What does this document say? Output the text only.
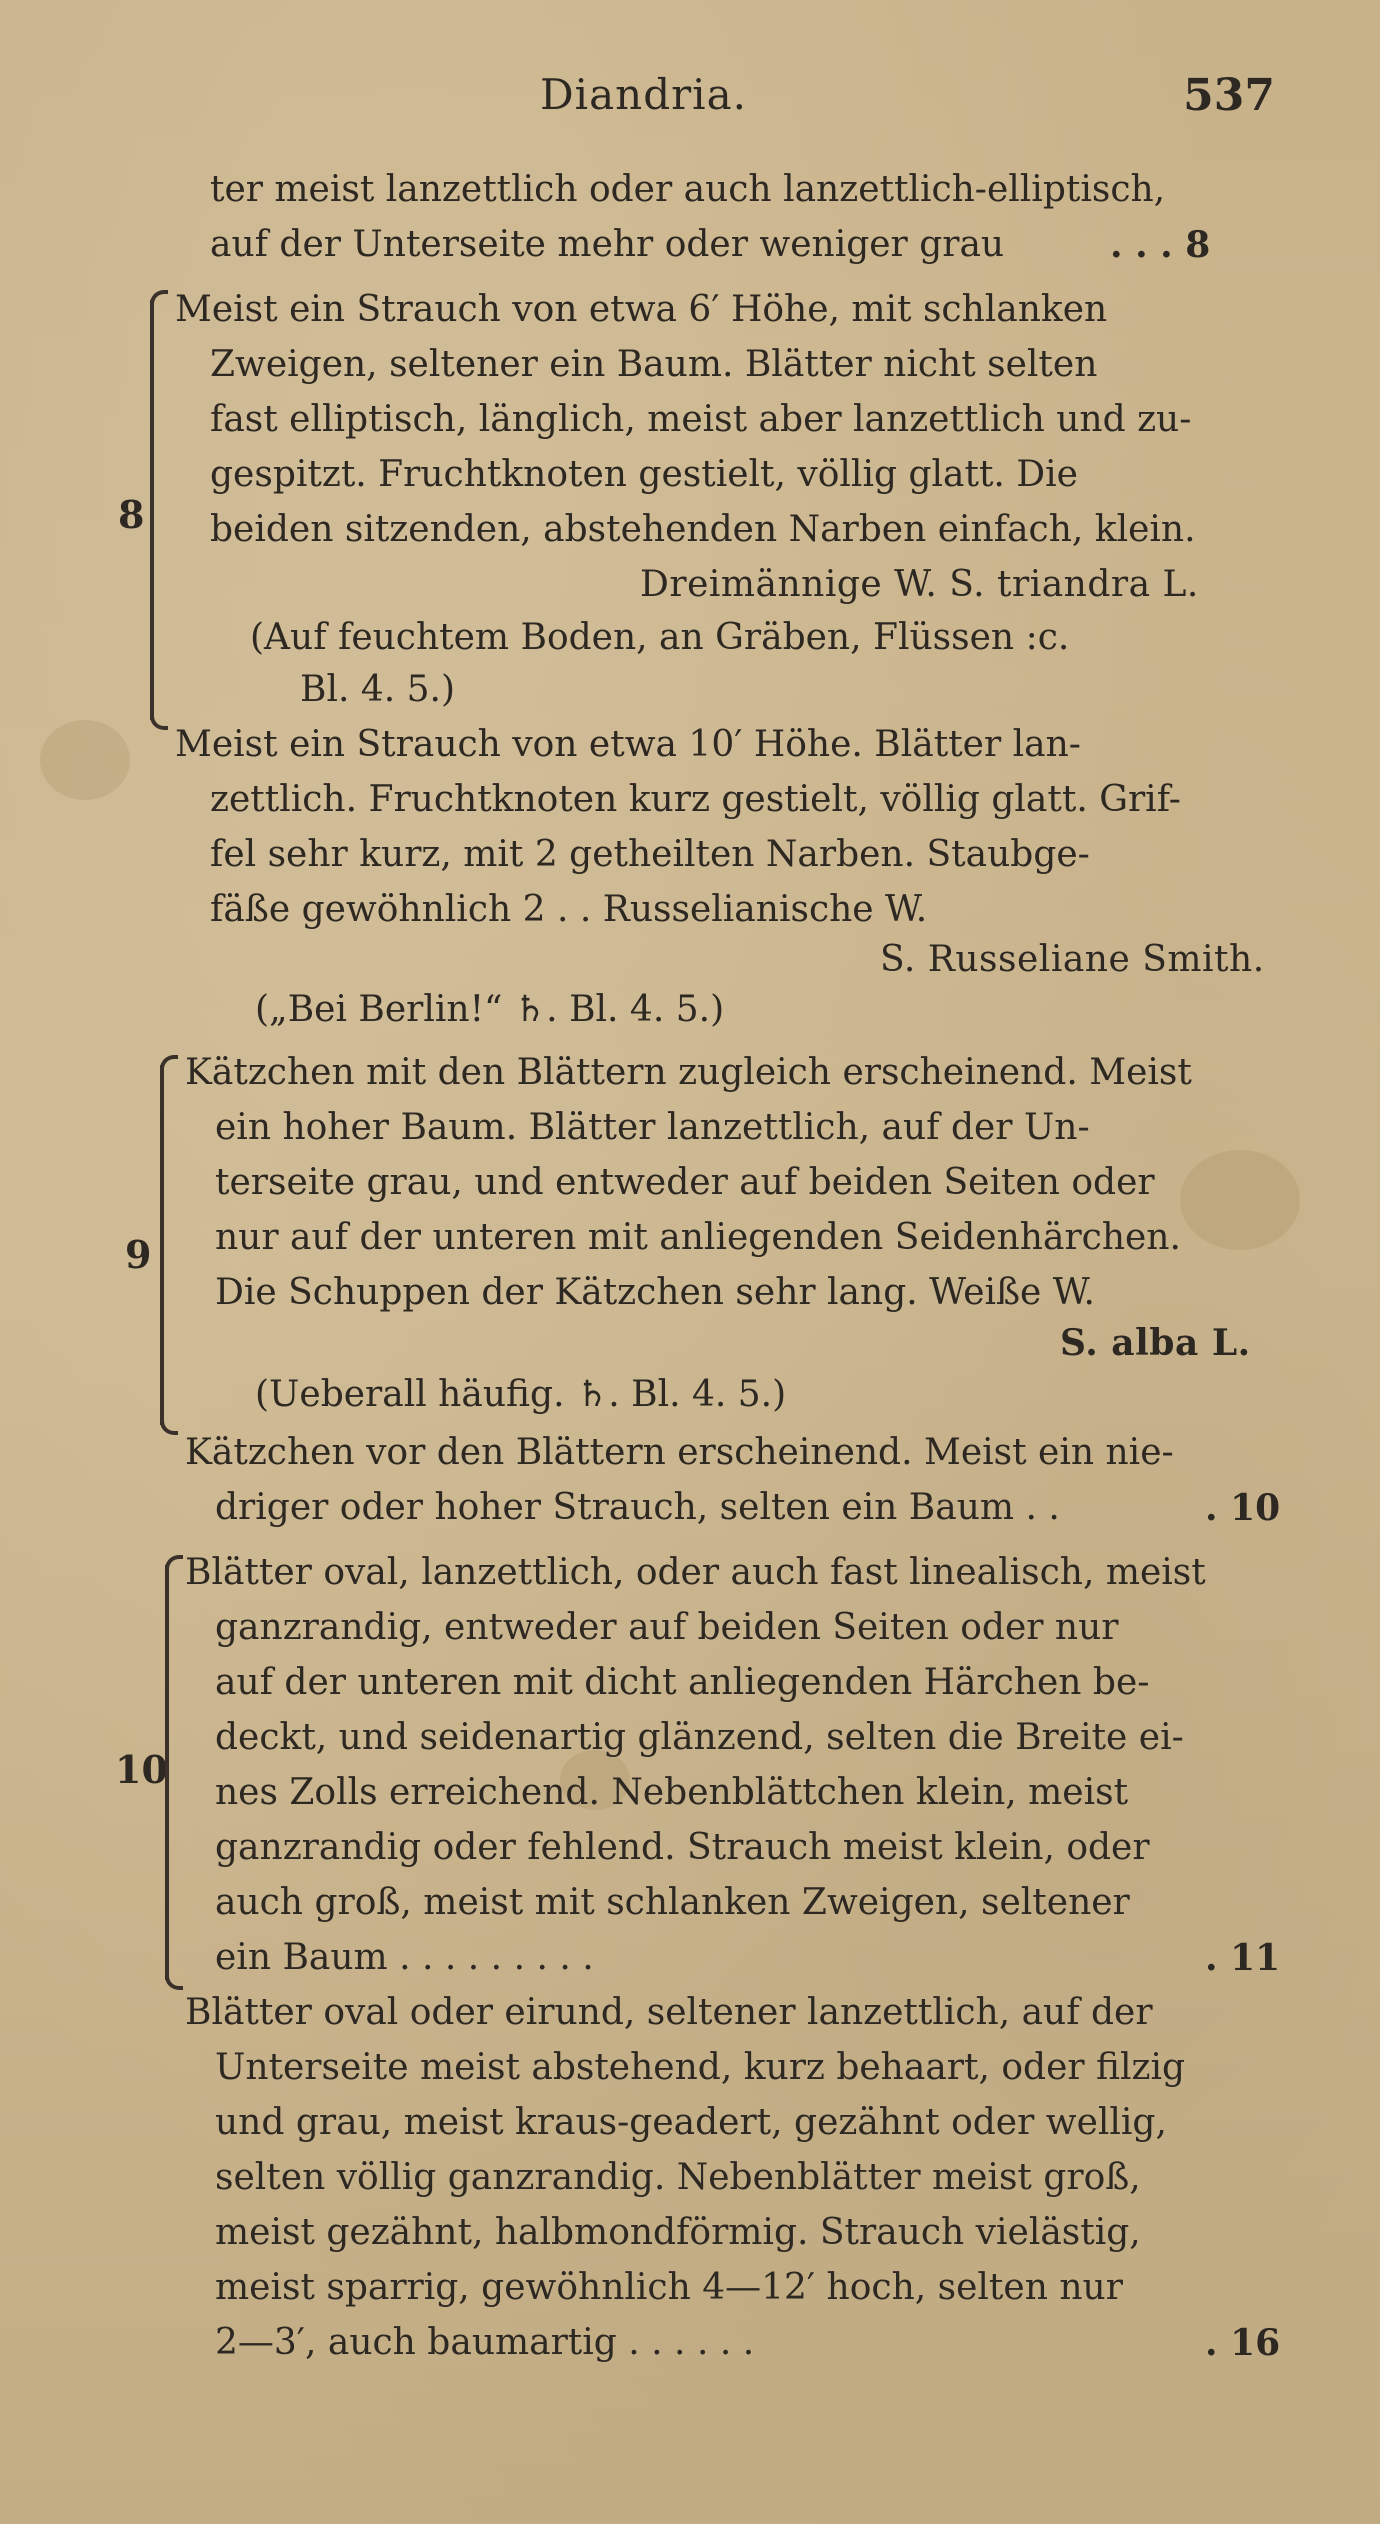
Diandria.	537
ter meist lanzettlich oder auch lanzettlich-elliptisch,
auf der Unterseite mehr oder weniger grau	. . . 8
8
Meist ein Strauch von etwa 6′ Höhe, mit schlanken
Zweigen, seltener ein Baum. Blätter nicht selten
fast elliptisch, länglich, meist aber lanzettlich und zu-
gespitzt. Fruchtknoten gestielt, völlig glatt. Die
beiden sitzenden, abstehenden Narben einfach, klein.
Dreimännige W. S. triandra L.
(Auf feuchtem Boden, an Gräben, Flüssen :c.
Bl. 4. 5.)
Meist ein Strauch von etwa 10′ Höhe. Blätter lan-
zettlich. Fruchtknoten kurz gestielt, völlig glatt. Grif-
fel sehr kurz, mit 2 getheilten Narben. Staubge-
fäße gewöhnlich 2 . . Russelianische W.
S. Russeliane Smith.
(„Bei Berlin!“ ♄. Bl. 4. 5.)
9
Kätzchen mit den Blättern zugleich erscheinend. Meist
ein hoher Baum. Blätter lanzettlich, auf der Un-
terseite grau, und entweder auf beiden Seiten oder
nur auf der unteren mit anliegenden Seidenhärchen.
Die Schuppen der Kätzchen sehr lang. Weiße W.
S. alba L.
(Ueberall häufig. ♄. Bl. 4. 5.)
Kätzchen vor den Blättern erscheinend. Meist ein nie-
driger oder hoher Strauch, selten ein Baum . .	. 10
10
Blätter oval, lanzettlich, oder auch fast linealisch, meist
ganzrandig, entweder auf beiden Seiten oder nur
auf der unteren mit dicht anliegenden Härchen be-
deckt, und seidenartig glänzend, selten die Breite ei-
nes Zolls erreichend. Nebenblättchen klein, meist
ganzrandig oder fehlend. Strauch meist klein, oder
auch groß, meist mit schlanken Zweigen, seltener
ein Baum . . . . . . . . .	. 11
Blätter oval oder eirund, seltener lanzettlich, auf der
Unterseite meist abstehend, kurz behaart, oder filzig
und grau, meist kraus-geadert, gezähnt oder wellig,
selten völlig ganzrandig. Nebenblätter meist groß,
meist gezähnt, halbmondförmig. Strauch vielästig,
meist sparrig, gewöhnlich 4—12′ hoch, selten nur
2—3′, auch baumartig . . . . . .	. 16
